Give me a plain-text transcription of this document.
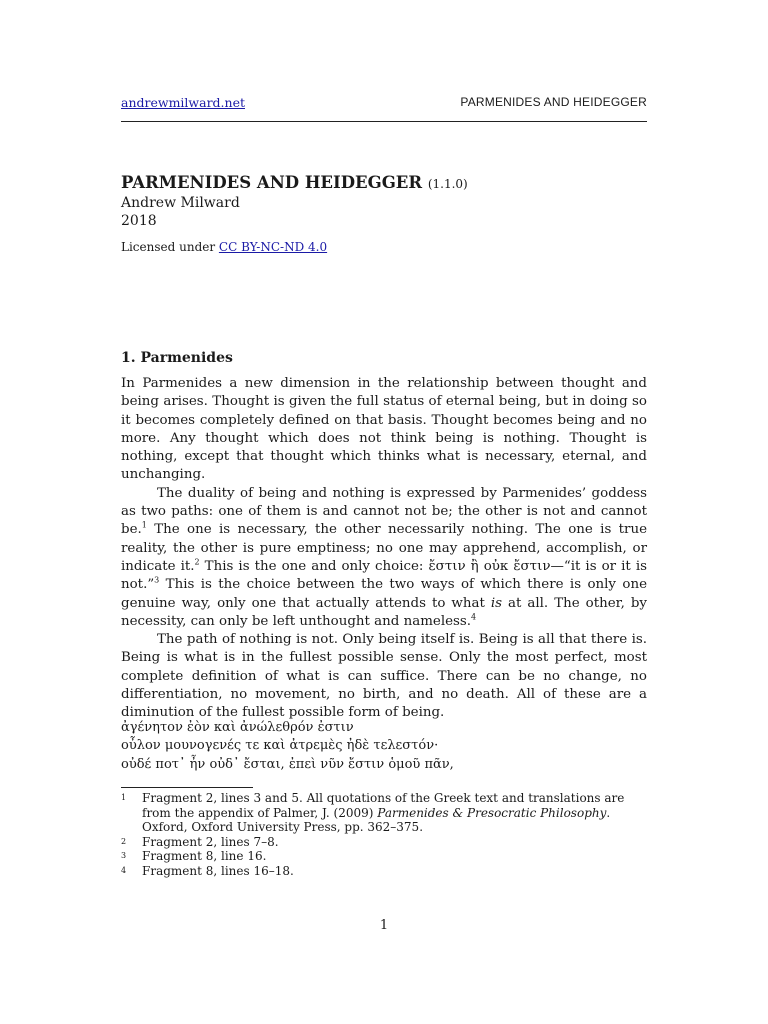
andrewmilward.net	PARMENIDES AND HEIDEGGER
PARMENIDES AND HEIDEGGER (1.1.0)
Andrew Milward
2018
Licensed under CC BY-NC-ND 4.0
1. Parmenides

In Parmenides a new dimension in the relationship between thought and being arises. Thought is given the full status of eternal being, but in doing so it becomes completely defined on that basis. Thought becomes being and no more. Any thought which does not think being is nothing. Thought is nothing, except that thought which thinks what is necessary, eternal, and unchanging.

The duality of being and nothing is expressed by Parmenides’ goddess as two paths: one of them is and cannot not be; the other is not and cannot be.$^1$ The one is necessary, the other necessarily nothing. The one is true reality, the other is pure emptiness; no one may apprehend, accomplish, or indicate it.$^2$ This is the one and only choice: ἔστιν ἢ οὐκ ἔστιν—“it is or it is not.”$^3$ This is the choice between the two ways of which there is only one genuine way, only one that actually attends to what is at all. The other, by necessity, can only be left unthought and nameless.$^4$

The path of nothing is not. Only being itself is. Being is all that there is. Being is what is in the fullest possible sense. Only the most perfect, most complete definition of what is can suffice. There can be no change, no differentiation, no movement, no birth, and no death. All of these are a diminution of the fullest possible form of being.

ἀγένητον ἐὸν καὶ ἀνώλεθρόν ἐστιν
οὖλον μουνογενές τε καὶ ἀτρεμὲς ἠδὲ τελεστόν·
οὐδέ ποτ᾽ ἦν οὐδ᾽ ἔσται, ἐπεὶ νῦν ἔστιν ὁμοῦ πᾶν,
1 Fragment 2, lines 3 and 5. All quotations of the Greek text and translations are from the appendix of Palmer, J. (2009) Parmenides & Presocratic Philosophy. Oxford, Oxford University Press, pp. 362–375.
2 Fragment 2, lines 7–8.
3 Fragment 8, line 16.
4 Fragment 8, lines 16–18.
1
